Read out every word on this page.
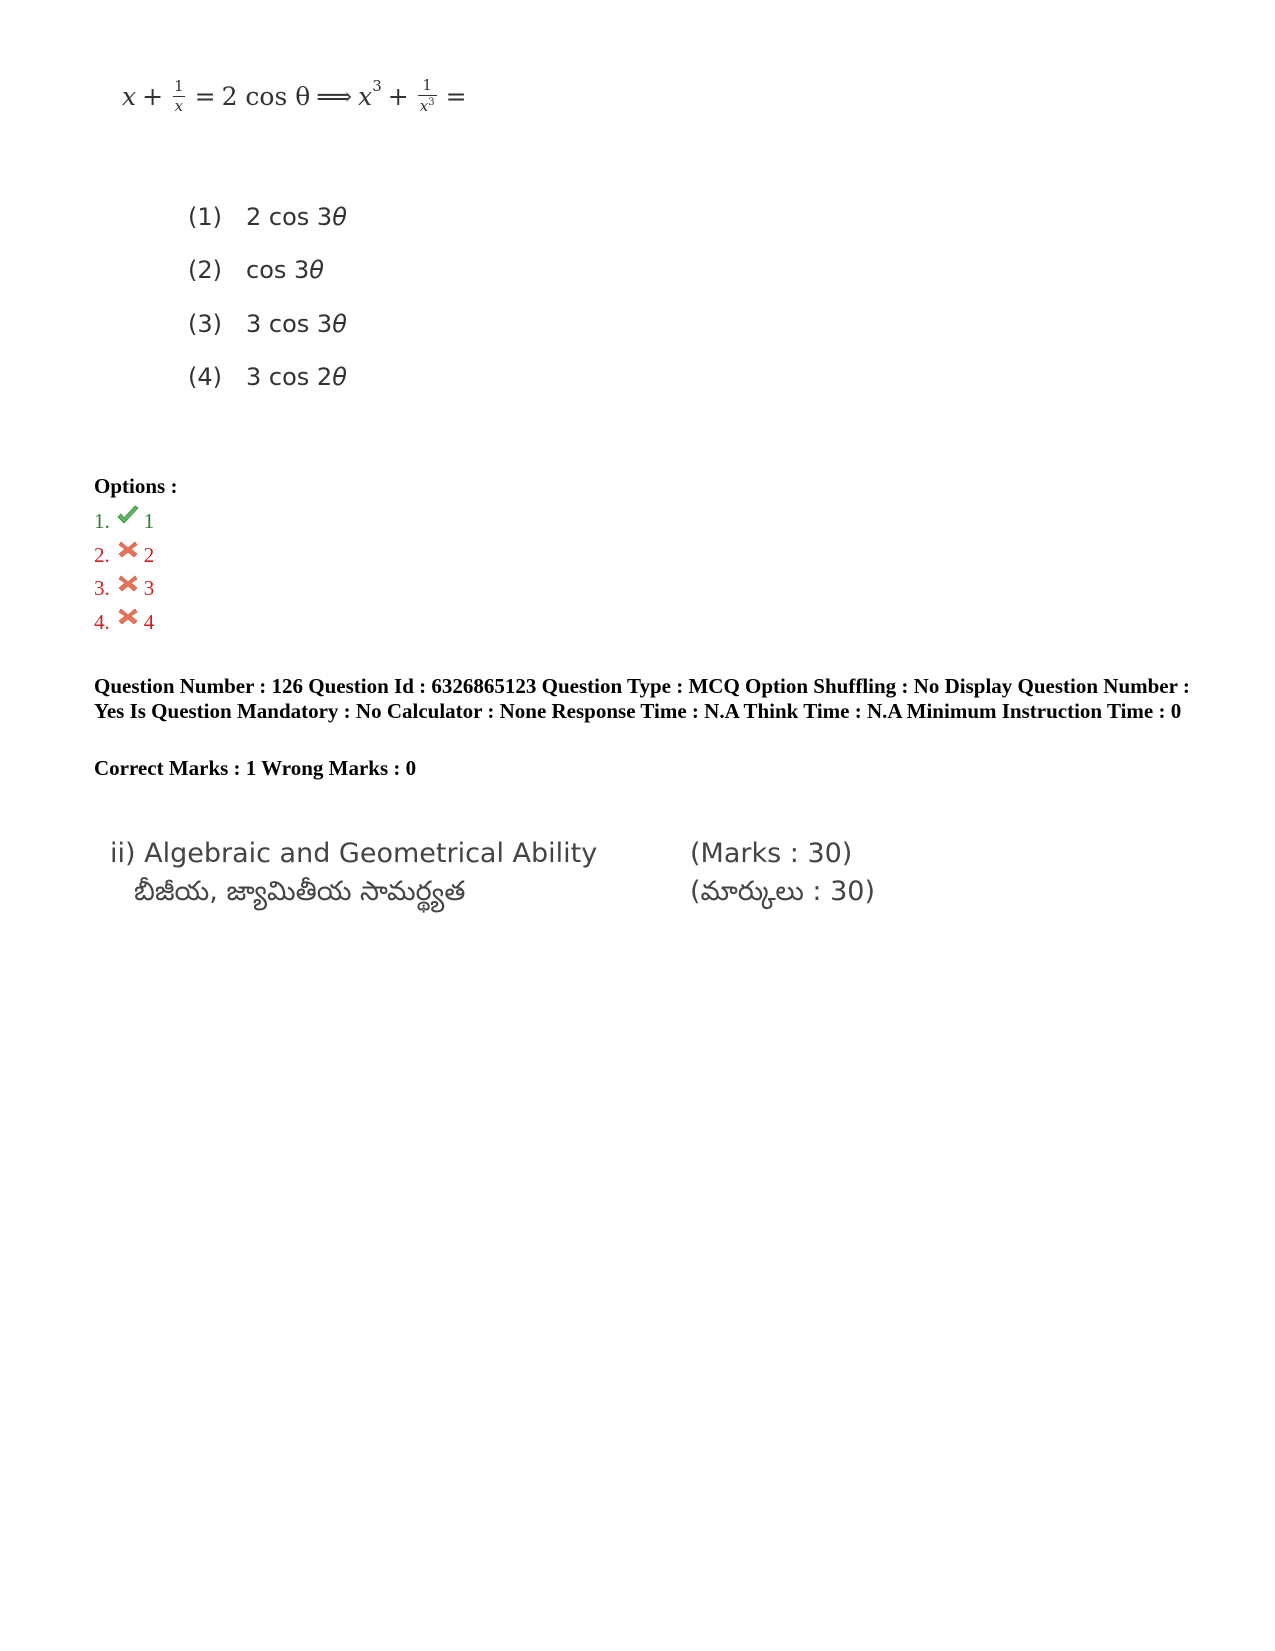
$x + \frac{1}{x} = 2$ cos θ ⟹ $x^3 + \frac{1}{x^3}$ =
(1)	2 cos 3θ
(2)	cos 3θ
(3)	3 cos 3θ
(4)	3 cos 2θ
Options :
1. 1
2. 2
3. 3
4. 4
Question Number : 126 Question Id : 6326865123 Question Type : MCQ Option Shuffling : No Display Question Number : Yes Is Question Mandatory : No Calculator : None Response Time : N.A Think Time : N.A Minimum Instruction Time : 0
Correct Marks : 1 Wrong Marks : 0
ii) Algebraic and Geometrical Ability	(Marks : 30)
బీజీయ, జ్యామితీయ సామర్థ్యత	(మార్కులు : 30)
